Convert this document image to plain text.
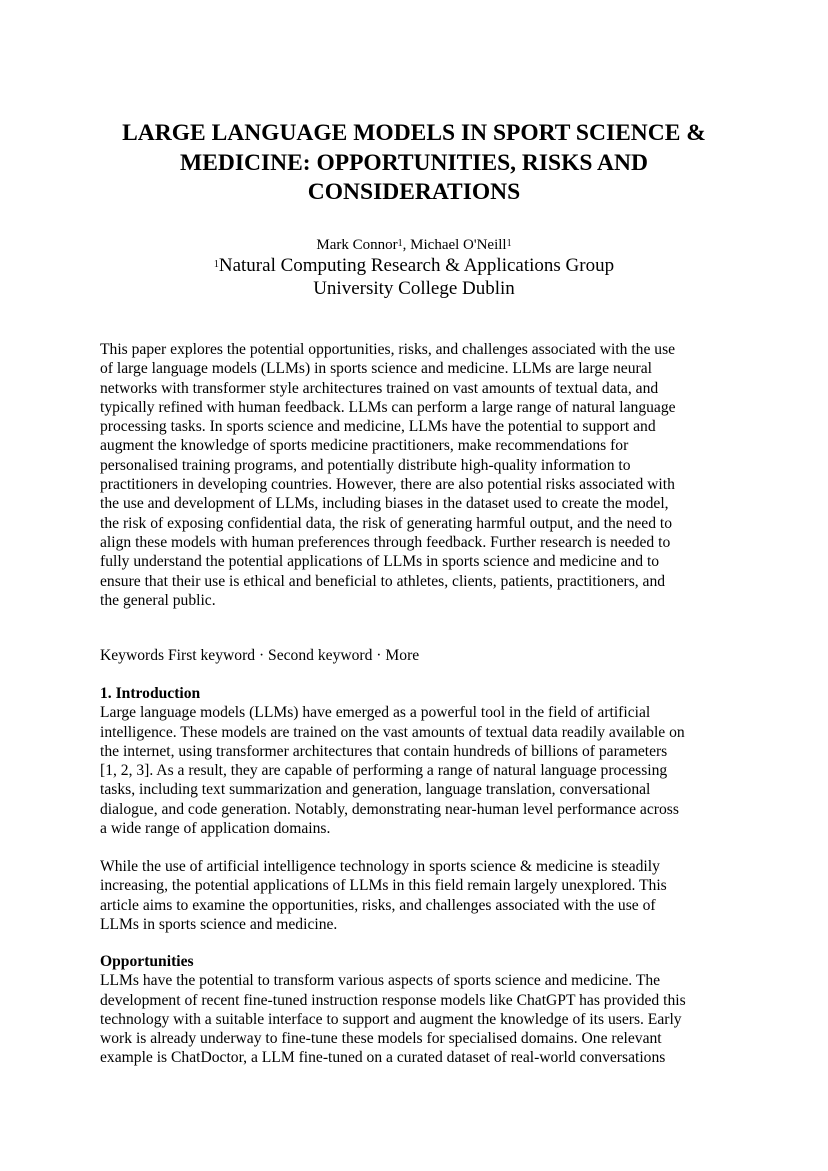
LARGE LANGUAGE MODELS IN SPORT SCIENCE &
MEDICINE: OPPORTUNITIES, RISKS AND
CONSIDERATIONS
Mark Connor$^1$, Michael O'Neill$^1$
$^1$Natural Computing Research & Applications Group
University College Dublin
This paper explores the potential opportunities, risks, and challenges associated with the use
of large language models (LLMs) in sports science and medicine. LLMs are large neural
networks with transformer style architectures trained on vast amounts of textual data, and
typically refined with human feedback. LLMs can perform a large range of natural language
processing tasks. In sports science and medicine, LLMs have the potential to support and
augment the knowledge of sports medicine practitioners, make recommendations for
personalised training programs, and potentially distribute high-quality information to
practitioners in developing countries. However, there are also potential risks associated with
the use and development of LLMs, including biases in the dataset used to create the model,
the risk of exposing confidential data, the risk of generating harmful output, and the need to
align these models with human preferences through feedback. Further research is needed to
fully understand the potential applications of LLMs in sports science and medicine and to
ensure that their use is ethical and beneficial to athletes, clients, patients, practitioners, and
the general public.
Keywords First keyword · Second keyword · More
1. Introduction
Large language models (LLMs) have emerged as a powerful tool in the field of artificial
intelligence. These models are trained on the vast amounts of textual data readily available on
the internet, using transformer architectures that contain hundreds of billions of parameters
[1, 2, 3]. As a result, they are capable of performing a range of natural language processing
tasks, including text summarization and generation, language translation, conversational
dialogue, and code generation. Notably, demonstrating near-human level performance across
a wide range of application domains.
While the use of artificial intelligence technology in sports science & medicine is steadily
increasing, the potential applications of LLMs in this field remain largely unexplored. This
article aims to examine the opportunities, risks, and challenges associated with the use of
LLMs in sports science and medicine.
Opportunities
LLMs have the potential to transform various aspects of sports science and medicine. The
development of recent fine-tuned instruction response models like ChatGPT has provided this
technology with a suitable interface to support and augment the knowledge of its users. Early
work is already underway to fine-tune these models for specialised domains. One relevant
example is ChatDoctor, a LLM fine-tuned on a curated dataset of real-world conversations
